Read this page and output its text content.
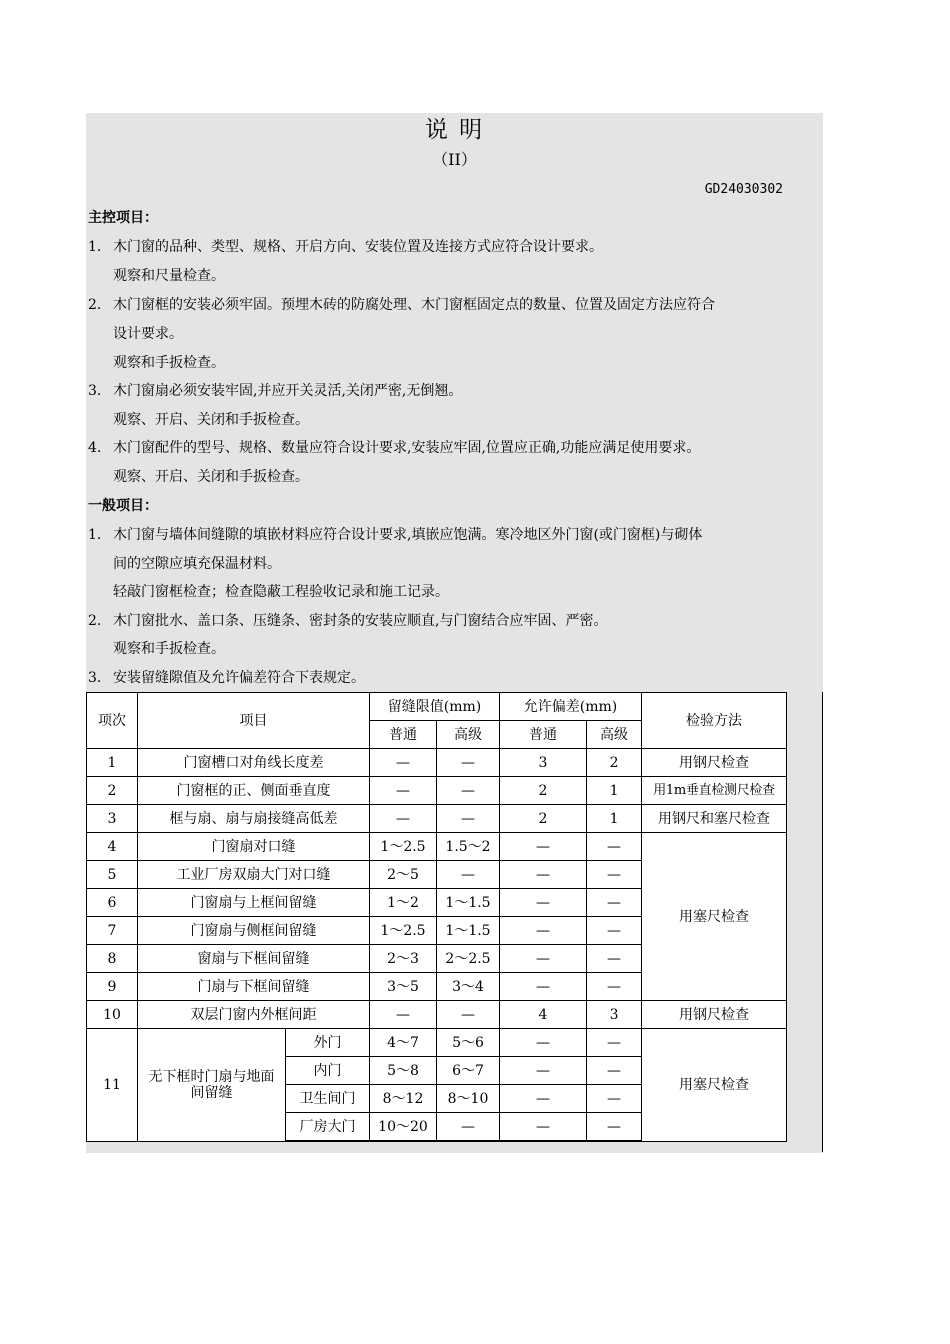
说 明
（II）
GD24030302
主控项目：
1. 木门窗的品种、类型、规格、开启方向、安装位置及连接方式应符合设计要求。
观察和尺量检查。
2. 木门窗框的安装必须牢固。预埋木砖的防腐处理、木门窗框固定点的数量、位置及固定方法应符合
设计要求。
观察和手扳检查。
3. 木门窗扇必须安装牢固,并应开关灵活,关闭严密,无倒翘。
观察、开启、关闭和手扳检查。
4. 木门窗配件的型号、规格、数量应符合设计要求,安装应牢固,位置应正确,功能应满足使用要求。
观察、开启、关闭和手扳检查。
一般项目：
1. 木门窗与墙体间缝隙的填嵌材料应符合设计要求,填嵌应饱满。寒冷地区外门窗(或门窗框)与砌体
间的空隙应填充保温材料。
轻敲门窗框检查；检查隐蔽工程验收记录和施工记录。
2. 木门窗批水、盖口条、压缝条、密封条的安装应顺直,与门窗结合应牢固、严密。
观察和手扳检查。
3. 安装留缝隙值及允许偏差符合下表规定。
项次	项目		留缝限值(mm)		允许偏差(mm)		检验方法
			普通	高级	普通	高级	
1	门窗槽口对角线长度差		—	—	3	2	用钢尺检查
2	门窗框的正、侧面垂直度		—	—	2	1	用1m垂直检测尺检查
3	框与扇、扇与扇接缝高低差		—	—	2	1	用钢尺和塞尺检查
4	门窗扇对口缝		1～2.5	1.5～2	—	—	用塞尺检查
5	工业厂房双扇大门对口缝		2～5	—	—	—	
6	门窗扇与上框间留缝		1～2	1～1.5	—	—	
7	门窗扇与侧框间留缝		1～2.5	1～1.5	—	—	
8	窗扇与下框间留缝		2～3	2～2.5	—	—	
9	门扇与下框间留缝		3～5	3～4	—	—	
10	双层门窗内外框间距		—	—	4	3	用钢尺检查
11	无下框时门扇与地面间留缝	外门	4～7	5～6	—	—	用塞尺检查
		内门	5～8	6～7	—	—	
		卫生间门	8～12	8～10	—	—	
		厂房大门	10～20	—	—	—	
